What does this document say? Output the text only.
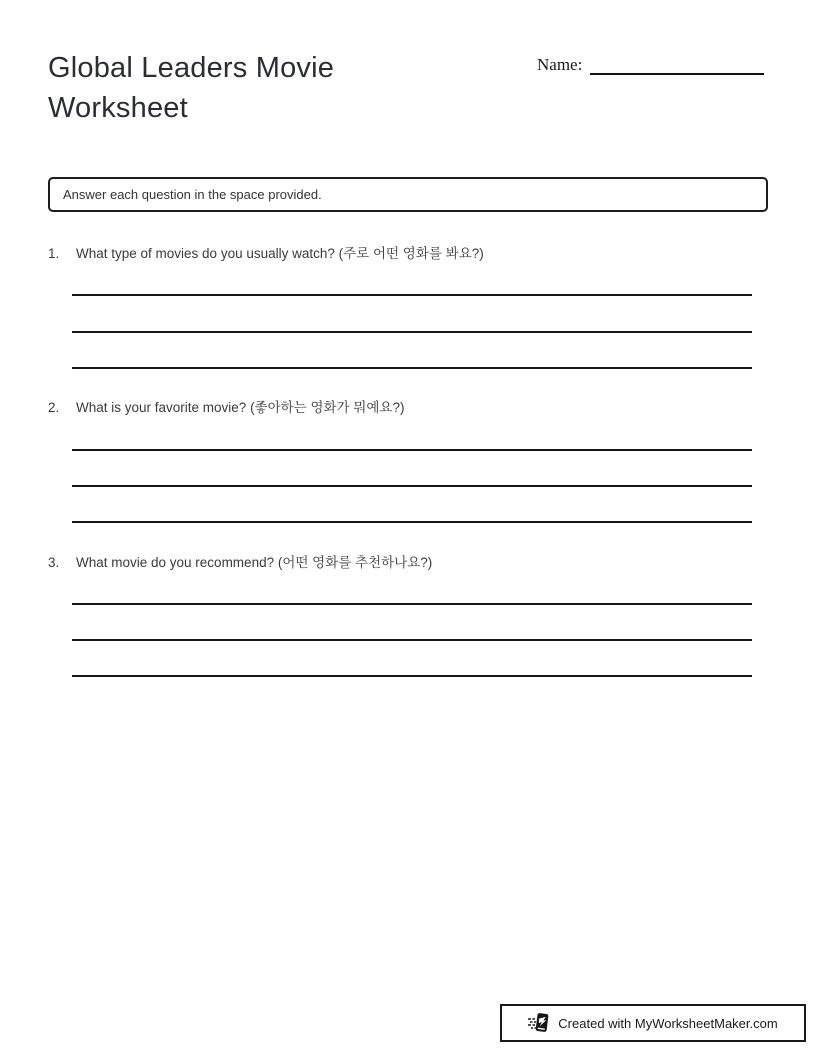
Global Leaders Movie Worksheet
Name:
Answer each question in the space provided.
1.	What type of movies do you usually watch? (주로 어떤 영화를 봐요?)
2.	What is your favorite movie? (좋아하는 영화가 뭐예요?)
3.	What movie do you recommend? (어떤 영화를 추천하나요?)
Created with MyWorksheetMaker.com
